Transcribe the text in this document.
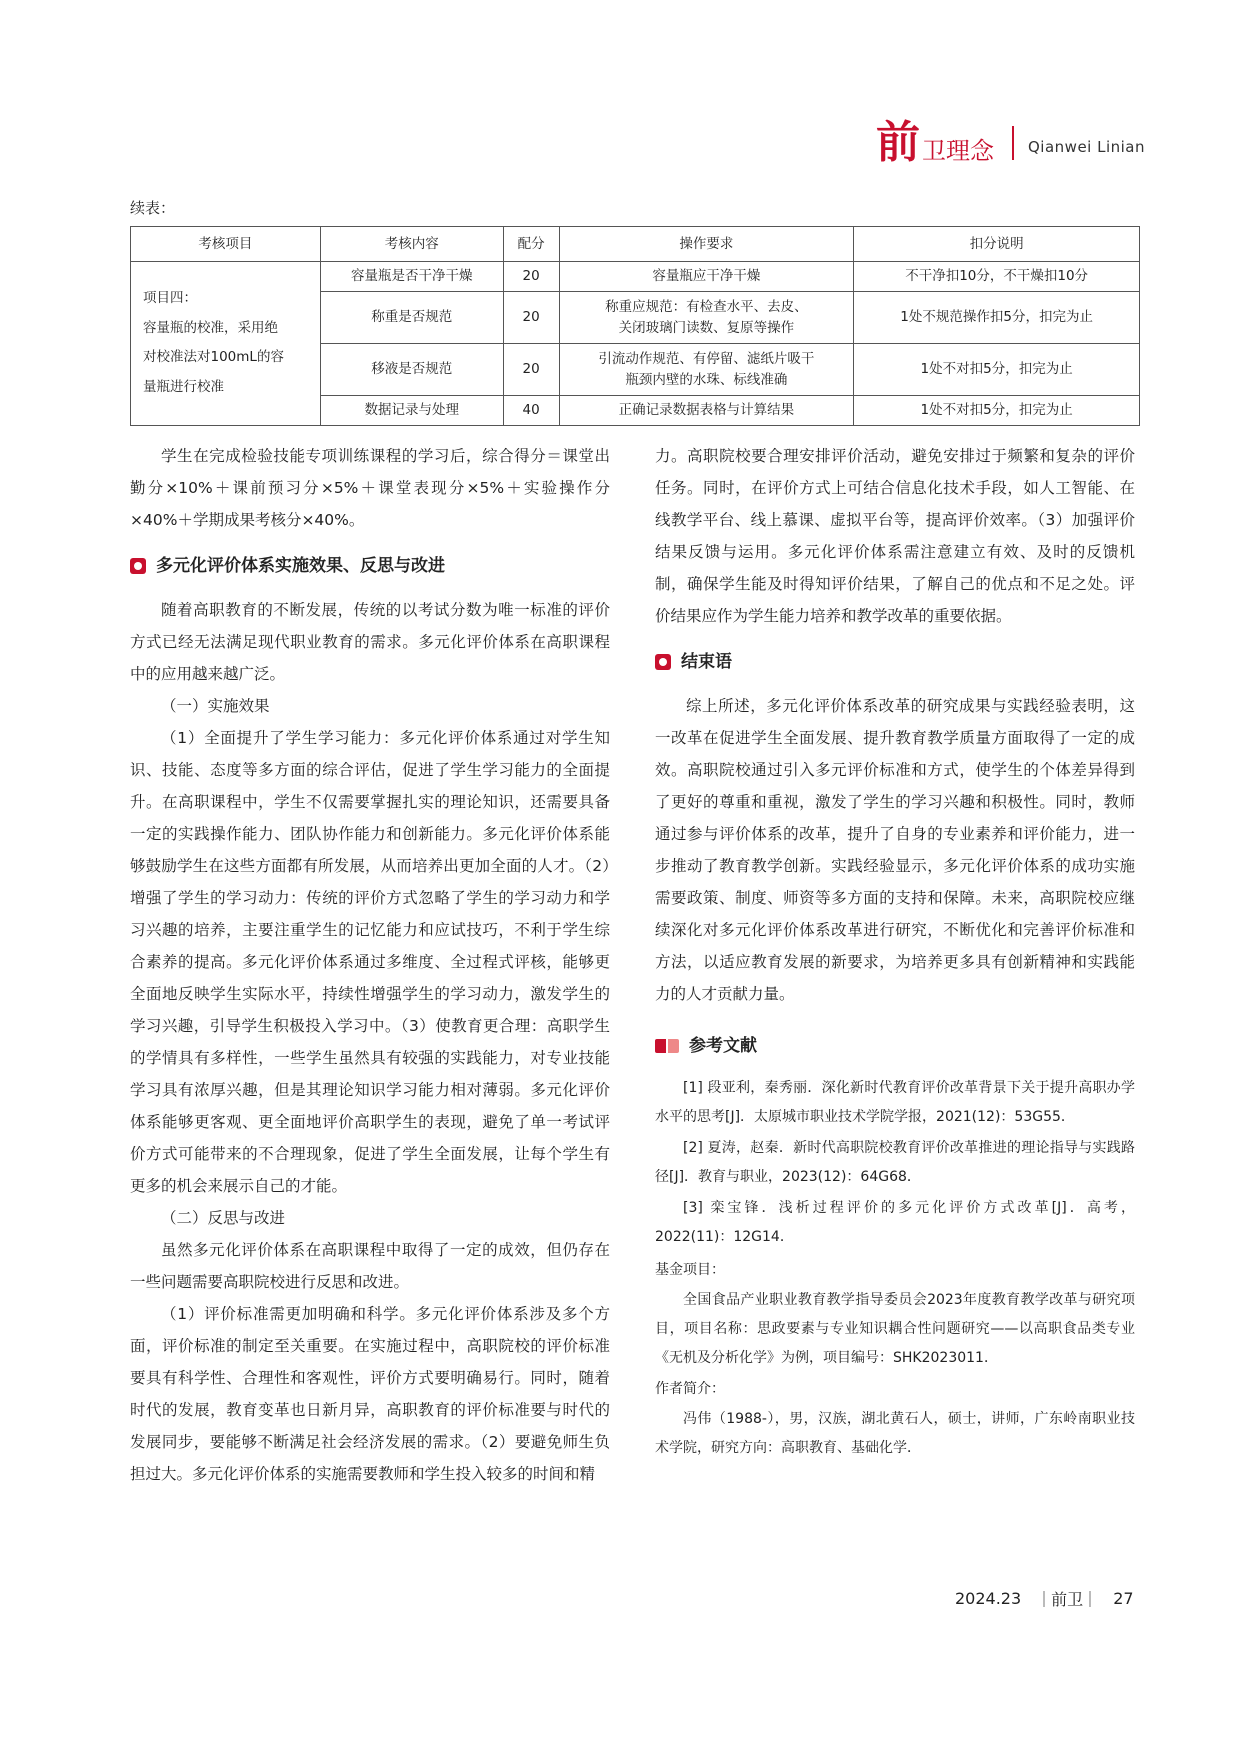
前 卫理念 Qianwei Linian
续表：
考核项目	考核内容	配分	操作要求	扣分说明

项目四：
容量瓶的校准，采用绝
对校准法对100mL的容
量瓶进行校准	容量瓶是否干净干燥	20	容量瓶应干净干燥	不干净扣10分，不干燥扣10分
	称重是否规范	20	称重应规范：有检查水平、去皮、
关闭玻璃门读数、复原等操作	1处不规范操作扣5分，扣完为止
	移液是否规范	20	引流动作规范、有停留、滤纸片吸干
瓶颈内壁的水珠、标线准确	1处不对扣5分，扣完为止
	数据记录与处理	40	正确记录数据表格与计算结果	1处不对扣5分，扣完为止

学生在完成检验技能专项训练课程的学习后，综合得分＝课堂出勤分×10%＋课前预习分×5%＋课堂表现分×5%＋实验操作分×40%＋学期成果考核分×40%。

多元化评价体系实施效果、反思与改进

随着高职教育的不断发展，传统的以考试分数为唯一标准的评价方式已经无法满足现代职业教育的需求。多元化评价体系在高职课程中的应用越来越广泛。

（一）实施效果

（1）全面提升了学生学习能力：多元化评价体系通过对学生知识、技能、态度等多方面的综合评估，促进了学生学习能力的全面提升。在高职课程中，学生不仅需要掌握扎实的理论知识，还需要具备一定的实践操作能力、团队协作能力和创新能力。多元化评价体系能够鼓励学生在这些方面都有所发展，从而培养出更加全面的人才。（2）增强了学生的学习动力：传统的评价方式忽略了学生的学习动力和学习兴趣的培养，主要注重学生的记忆能力和应试技巧，不利于学生综合素养的提高。多元化评价体系通过多维度、全过程式评核，能够更全面地反映学生实际水平，持续性增强学生的学习动力，激发学生的学习兴趣，引导学生积极投入学习中。（3）使教育更合理：高职学生的学情具有多样性，一些学生虽然具有较强的实践能力，对专业技能学习具有浓厚兴趣，但是其理论知识学习能力相对薄弱。多元化评价体系能够更客观、更全面地评价高职学生的表现，避免了单一考试评价方式可能带来的不合理现象，促进了学生全面发展，让每个学生有更多的机会来展示自己的才能。

（二）反思与改进

虽然多元化评价体系在高职课程中取得了一定的成效，但仍存在一些问题需要高职院校进行反思和改进。

（1）评价标准需更加明确和科学。多元化评价体系涉及多个方面，评价标准的制定至关重要。在实施过程中，高职院校的评价标准要具有科学性、合理性和客观性，评价方式要明确易行。同时，随着时代的发展，教育变革也日新月异，高职教育的评价标准要与时代的发展同步，要能够不断满足社会经济发展的需求。（2）要避免师生负担过大。多元化评价体系的实施需要教师和学生投入较多的时间和精

力。高职院校要合理安排评价活动，避免安排过于频繁和复杂的评价任务。同时，在评价方式上可结合信息化技术手段，如人工智能、在线教学平台、线上慕课、虚拟平台等，提高评价效率。（3）加强评价结果反馈与运用。多元化评价体系需注意建立有效、及时的反馈机制，确保学生能及时得知评价结果，了解自己的优点和不足之处。评价结果应作为学生能力培养和教学改革的重要依据。

结束语

综上所述，多元化评价体系改革的研究成果与实践经验表明，这一改革在促进学生全面发展、提升教育教学质量方面取得了一定的成效。高职院校通过引入多元评价标准和方式，使学生的个体差异得到了更好的尊重和重视，激发了学生的学习兴趣和积极性。同时，教师通过参与评价体系的改革，提升了自身的专业素养和评价能力，进一步推动了教育教学创新。实践经验显示，多元化评价体系的成功实施需要政策、制度、师资等多方面的支持和保障。未来，高职院校应继续深化对多元化评价体系改革进行研究，不断优化和完善评价标准和方法，以适应教育发展的新要求，为培养更多具有创新精神和实践能力的人才贡献力量。

参考文献

[1] 段亚利，秦秀丽．深化新时代教育评价改革背景下关于提升高职办学水平的思考[J]．太原城市职业技术学院学报，2021(12)：53G55．

[2] 夏涛，赵秦．新时代高职院校教育评价改革推进的理论指导与实践路径[J]．教育与职业，2023(12)：64G68．

[3] 栾宝锋．浅析过程评价的多元化评价方式改革[J]．高考，2022(11)：12G14．

基金项目：

全国食品产业职业教育教学指导委员会2023年度教育教学改革与研究项目，项目名称：思政要素与专业知识耦合性问题研究——以高职食品类专业《无机及分析化学》为例，项目编号：SHK2023011．

作者简介：

冯伟（1988-），男，汉族，湖北黄石人，硕士，讲师，广东岭南职业技术学院，研究方向：高职教育、基础化学．

2024.23 前卫 27
